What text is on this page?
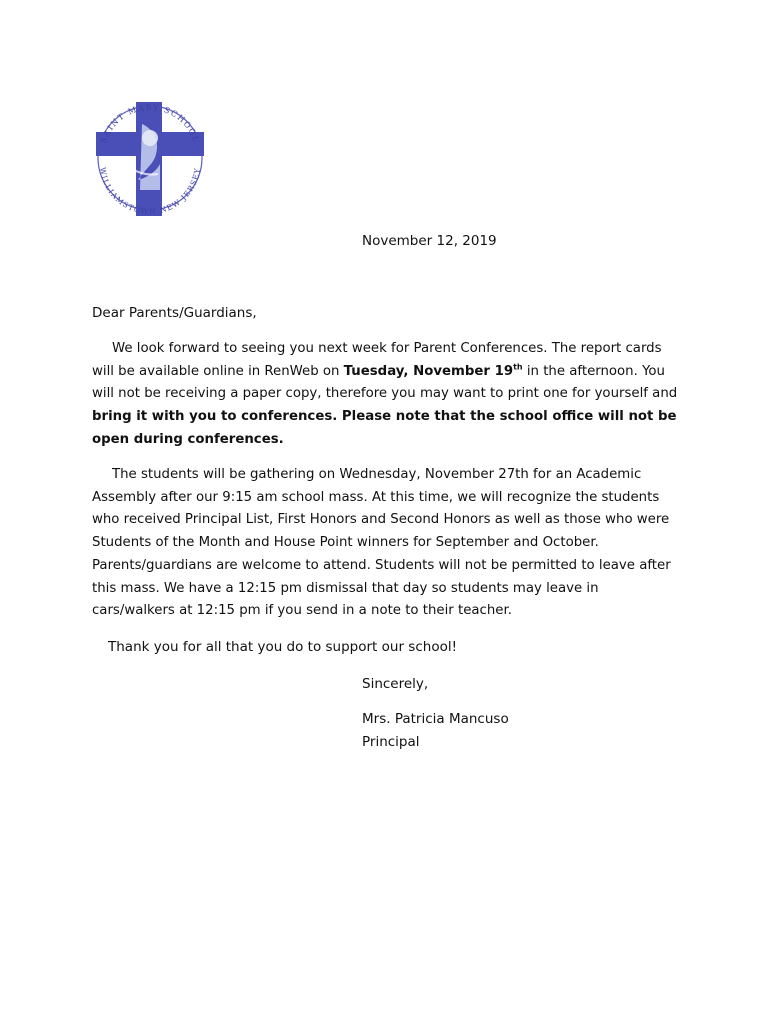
SAINT MARY SCHOOL
WILLIAMSTOWN NEW JERSEY
November 12, 2019
Dear Parents/Guardians,

We look forward to seeing you next week for Parent Conferences. The report cards will be available online in RenWeb on Tuesday, November 19th in the afternoon. You will not be receiving a paper copy, therefore you may want to print one for yourself and bring it with you to conferences. Please note that the school office will not be open during conferences.

The students will be gathering on Wednesday, November 27th for an Academic Assembly after our 9:15 am school mass. At this time, we will recognize the students who received Principal List, First Honors and Second Honors as well as those who were Students of the Month and House Point winners for September and October. Parents/guardians are welcome to attend. Students will not be permitted to leave after this mass. We have a 12:15 pm dismissal that day so students may leave in cars/walkers at 12:15 pm if you send in a note to their teacher.

Thank you for all that you do to support our school!
Sincerely,
Mrs. Patricia Mancuso
Principal
